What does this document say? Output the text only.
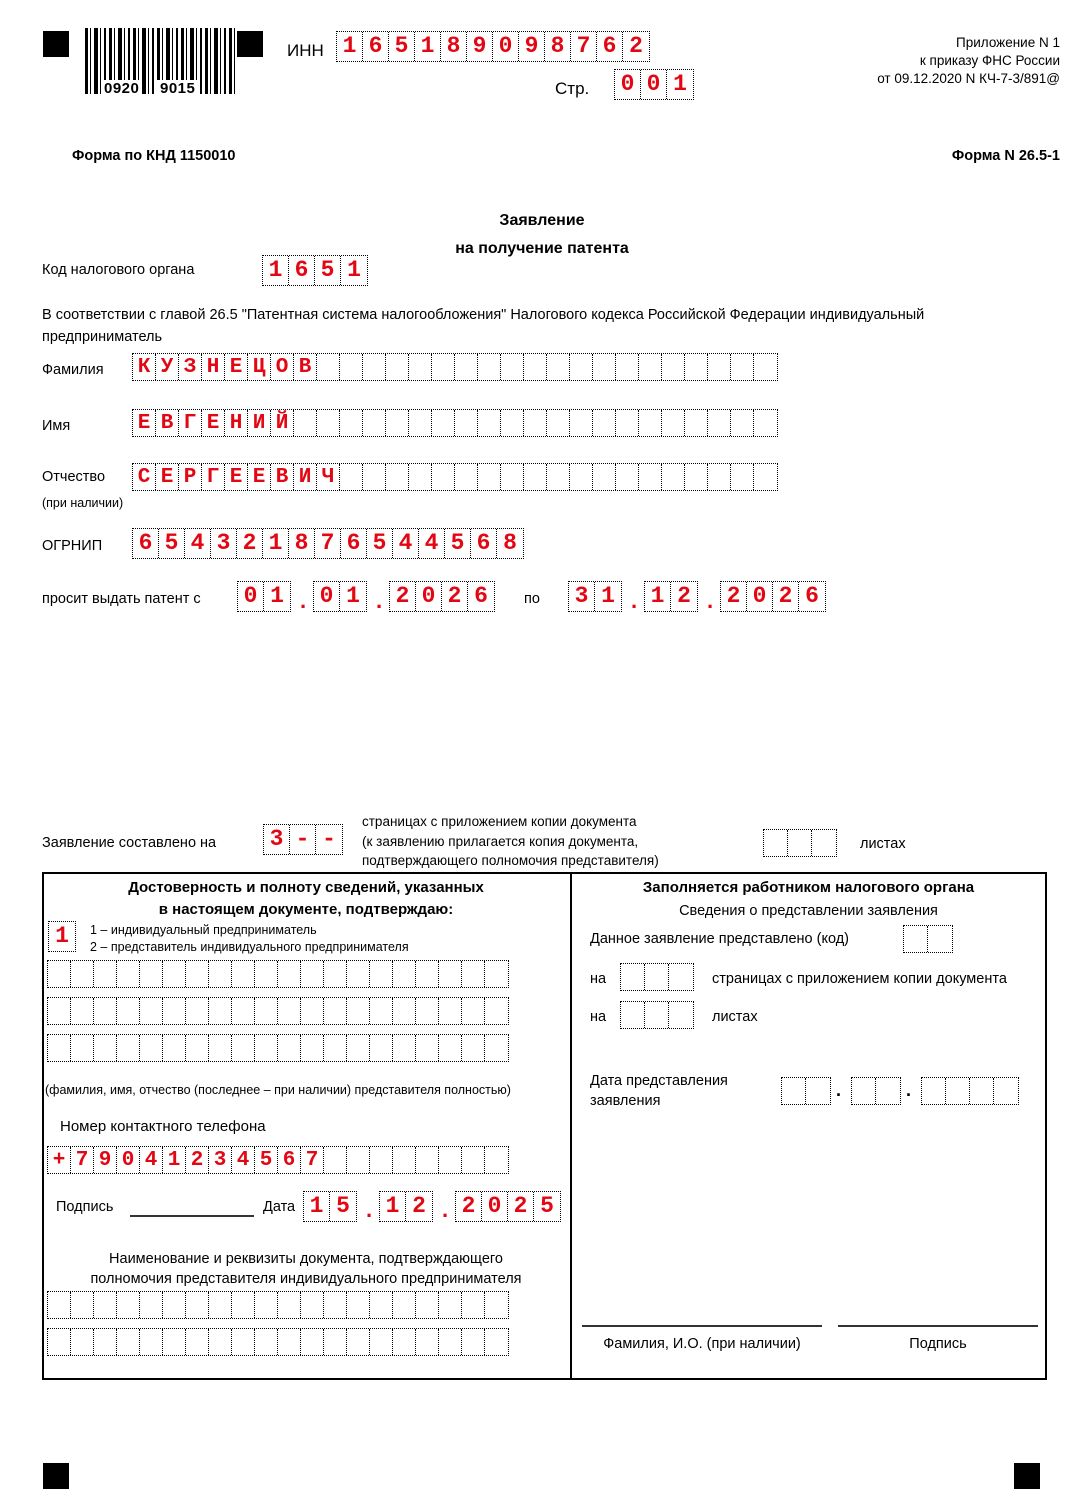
0920 9015
ИНН 1 6 5 1 8 9 0 9 8 7 6 2
Стр. 0 0 1
Приложение N 1
к приказу ФНС России
от 09.12.2020 N КЧ-7-3/891@
Форма по КНД 1150010	Форма N 26.5-1
Заявление
на получение патента
Код налогового органа	1 6 5 1
В соответствии с главой 26.5 "Патентная система налогообложения" Налогового кодекса Российской Федерации индивидуальный предприниматель
Фамилия К У З Н Е Ц О В
Имя	Е В Г Е Н И Й
Отчество
(при наличии)
С Е Р Г Е Е В И Ч
ОГРНИП 6 5 4 3 2 1 8 7 6 5 4 4 5 6 8
просит выдать патент с 0 1 . 0 1 . 2 0 2 6	по 3 1 . 1 2 . 2 0 2 6
Заявление составлено на 3 - -
страницах с приложением копии документа
(к заявлению прилагается копия документа,
подтверждающего полномочия представителя)
листах
Достоверность и полноту сведений, указанных
в настоящем документе, подтверждаю:
1	1 – индивидуальный предприниматель
2 – представитель индивидуального предпринимателя
(фамилия, имя, отчество (последнее – при наличии) представителя полностью)
Номер контактного телефона
+ 7 9 0 4 1 2 3 4 5 6 7
Подпись	Дата 1 5 . 1 2 . 2 0 2 5
Наименование и реквизиты документа, подтверждающего
полномочия представителя индивидуального предпринимателя
Заполняется работником налогового органа
Сведения о представлении заявления
Данное заявление представлено (код)
на	страницах с приложением копии документа
на	листах
Дата представления
заявления
.	.
Фамилия, И.О. (при наличии)	Подпись
